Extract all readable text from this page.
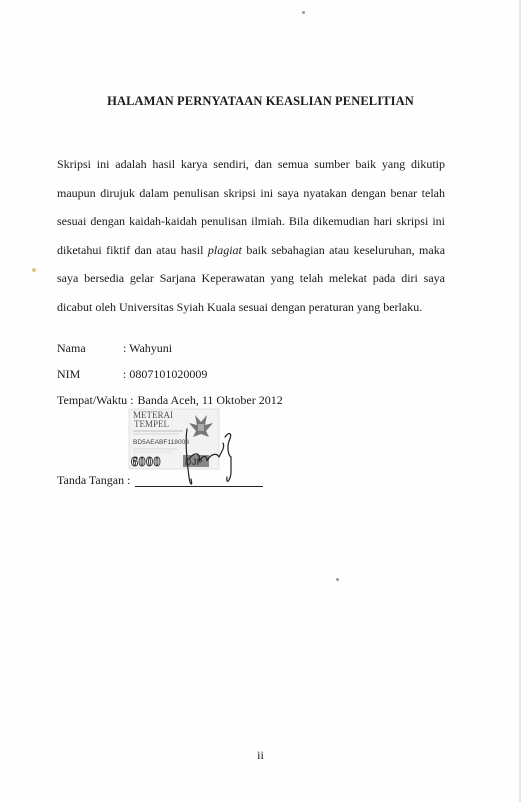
HALAMAN PERNYATAAN KEASLIAN PENELITIAN
Skripsi ini adalah hasil karya sendiri, dan semua sumber baik yang dikutip
maupun dirujuk dalam penulisan skripsi ini saya nyatakan dengan benar telah
sesuai dengan kaidah-kaidah penulisan ilmiah. Bila dikemudian hari skripsi ini
diketahui fiktif dan atau hasil plagiat baik sebahagian atau keseluruhan, maka
saya bersedia gelar Sarjana Keperawatan yang telah melekat pada diri saya
dicabut oleh Universitas Syiah Kuala sesuai dengan peraturan yang berlaku.
Nama	: Wahyuni
NIM	: 0807101020009
Tempat/Waktu : Banda Aceh, 11 Oktober 2012
METERAI
TEMPEL
BD5AEABF118008
6000	DJP
Tanda Tangan :
ii
